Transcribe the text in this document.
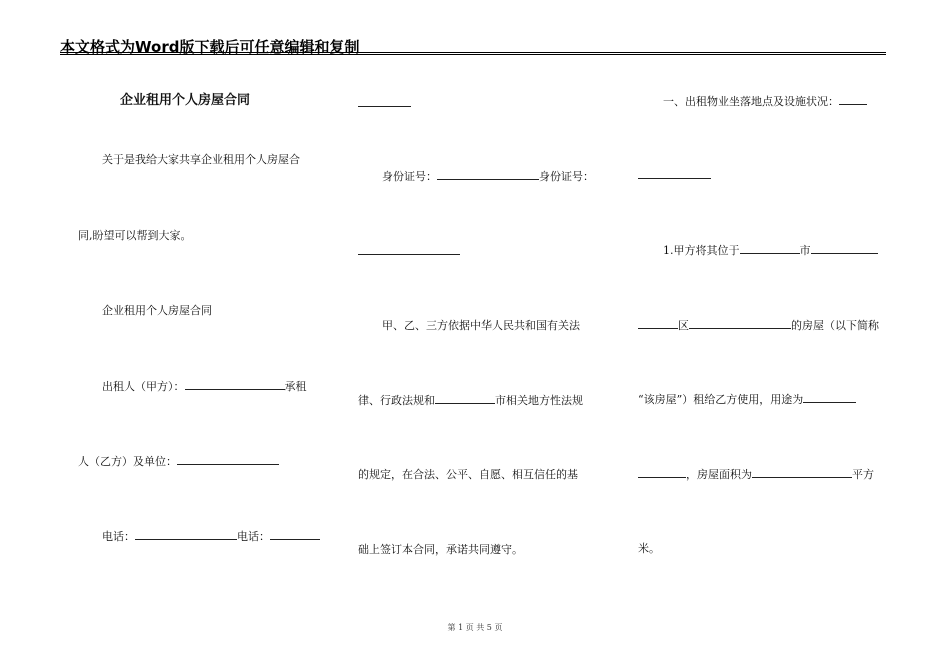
本文格式为Word版下载后可任意编辑和复制
企业租用个人房屋合同
关于是我给大家共享企业租用个人房屋合
同,盼望可以帮到大家。
企业租用个人房屋合同
出租人（甲方）：	承租
人（乙方）及单位：
电话：	电话：
身份证号：	身份证号：
甲、乙、三方依据中华人民共和国有关法
律、行政法规和	市相关地方性法规
的规定，在合法、公平、自愿、相互信任的基
础上签订本合同，承诺共同遵守。
一、出租物业坐落地点及设施状况：
1.甲方将其位于	市
区	的房屋（以下简称
“该房屋”）租给乙方使用，用途为
，房屋面积为	平方
米。
第 1 页 共 5 页
